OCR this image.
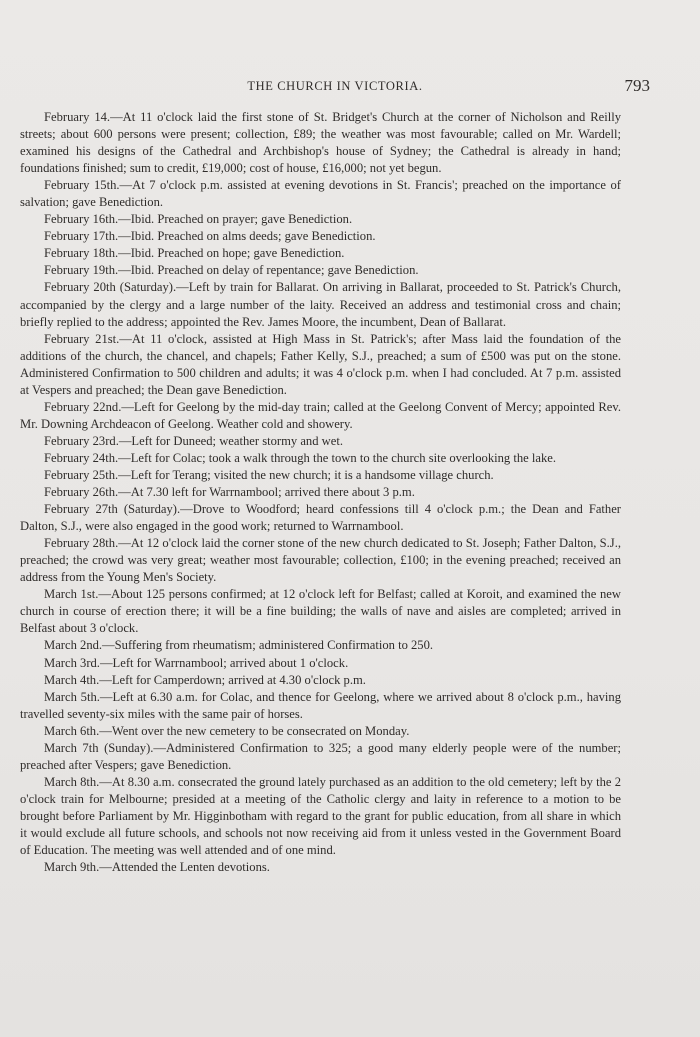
THE CHURCH IN VICTORIA.	793

February 14.—At 11 o'clock laid the first stone of St. Bridget's Church at the corner of Nicholson and Reilly streets; about 600 persons were present; collection, £89; the weather was most favourable; called on Mr. Wardell; examined his designs of the Cathedral and Archbishop's house of Sydney; the Cathedral is already in hand; foundations finished; sum to credit, £19,000; cost of house, £16,000; not yet begun.

February 15th.—At 7 o'clock p.m. assisted at evening devotions in St. Francis'; preached on the importance of salvation; gave Benediction.

February 16th.—Ibid. Preached on prayer; gave Benediction.

February 17th.—Ibid. Preached on alms deeds; gave Benediction.

February 18th.—Ibid. Preached on hope; gave Benediction.

February 19th.—Ibid. Preached on delay of repentance; gave Benediction.

February 20th (Saturday).—Left by train for Ballarat. On arriving in Ballarat, proceeded to St. Patrick's Church, accompanied by the clergy and a large number of the laity. Received an address and testimonial cross and chain; briefly replied to the address; appointed the Rev. James Moore, the incumbent, Dean of Ballarat.

February 21st.—At 11 o'clock, assisted at High Mass in St. Patrick's; after Mass laid the foundation of the additions of the church, the chancel, and chapels; Father Kelly, S.J., preached; a sum of £500 was put on the stone. Administered Confirmation to 500 children and adults; it was 4 o'clock p.m. when I had concluded. At 7 p.m. assisted at Vespers and preached; the Dean gave Benediction.

February 22nd.—Left for Geelong by the mid-day train; called at the Geelong Convent of Mercy; appointed Rev. Mr. Downing Archdeacon of Geelong. Weather cold and showery.

February 23rd.—Left for Duneed; weather stormy and wet.

February 24th.—Left for Colac; took a walk through the town to the church site overlooking the lake.

February 25th.—Left for Terang; visited the new church; it is a handsome village church.

February 26th.—At 7.30 left for Warrnambool; arrived there about 3 p.m.

February 27th (Saturday).—Drove to Woodford; heard confessions till 4 o'clock p.m.; the Dean and Father Dalton, S.J., were also engaged in the good work; returned to Warrnambool.

February 28th.—At 12 o'clock laid the corner stone of the new church dedicated to St. Joseph; Father Dalton, S.J., preached; the crowd was very great; weather most favourable; collection, £100; in the evening preached; received an address from the Young Men's Society.

March 1st.—About 125 persons confirmed; at 12 o'clock left for Belfast; called at Koroit, and examined the new church in course of erection there; it will be a fine building; the walls of nave and aisles are completed; arrived in Belfast about 3 o'clock.

March 2nd.—Suffering from rheumatism; administered Confirmation to 250.

March 3rd.—Left for Warrnambool; arrived about 1 o'clock.

March 4th.—Left for Camperdown; arrived at 4.30 o'clock p.m.

March 5th.—Left at 6.30 a.m. for Colac, and thence for Geelong, where we arrived about 8 o'clock p.m., having travelled seventy-six miles with the same pair of horses.

March 6th.—Went over the new cemetery to be consecrated on Monday.

March 7th (Sunday).—Administered Confirmation to 325; a good many elderly people were of the number; preached after Vespers; gave Benediction.

March 8th.—At 8.30 a.m. consecrated the ground lately purchased as an addition to the old cemetery; left by the 2 o'clock train for Melbourne; presided at a meeting of the Catholic clergy and laity in reference to a motion to be brought before Parliament by Mr. Higginbotham with regard to the grant for public education, from all share in which it would exclude all future schools, and schools not now receiving aid from it unless vested in the Government Board of Education. The meeting was well attended and of one mind.

March 9th.—Attended the Lenten devotions.
